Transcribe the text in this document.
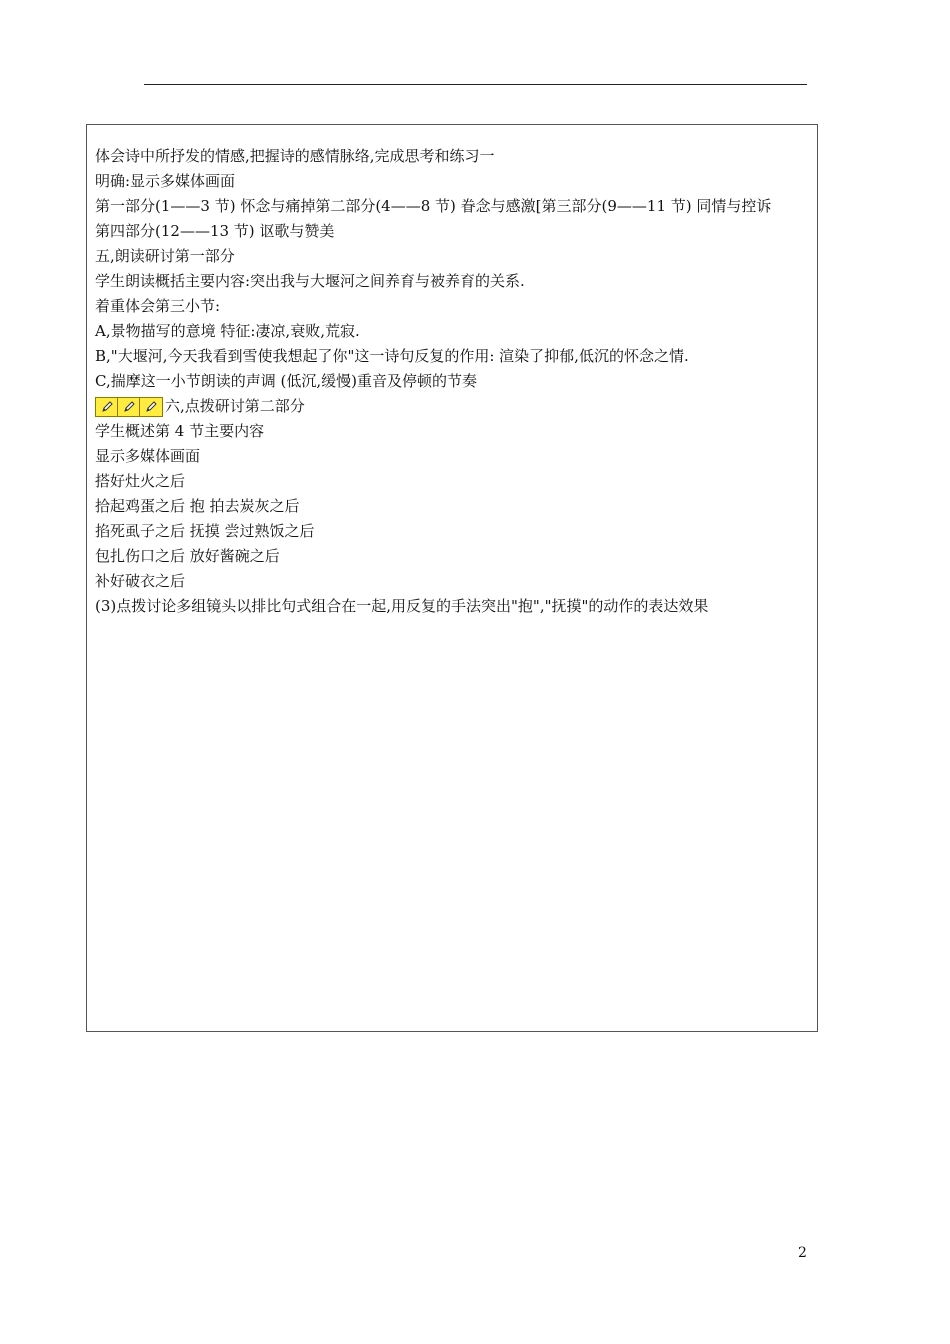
体会诗中所抒发的情感,把握诗的感情脉络,完成思考和练习一
明确:显示多媒体画面
第一部分(1——3 节) 怀念与痛掉第二部分(4——8 节) 眷念与感激[第三部分(9——11 节) 同情与控诉
第四部分(12——13 节) 讴歌与赞美
五,朗读研讨第一部分
学生朗读概括主要内容:突出我与大堰河之间养育与被养育的关系.
着重体会第三小节:
A,景物描写的意境 特征:凄凉,衰败,荒寂.
B,"大堰河,今天我看到雪使我想起了你"这一诗句反复的作用: 渲染了抑郁,低沉的怀念之情.
C,揣摩这一小节朗读的声调 (低沉,缓慢)重音及停顿的节奏
六,点拨研讨第二部分
学生概述第 4 节主要内容
显示多媒体画面
搭好灶火之后
拾起鸡蛋之后 抱 拍去炭灰之后
掐死虱子之后 抚摸 尝过熟饭之后
包扎伤口之后 放好酱碗之后
补好破衣之后
(3)点拨讨论多组镜头以排比句式组合在一起,用反复的手法突出"抱","抚摸"的动作的表达效果
2
